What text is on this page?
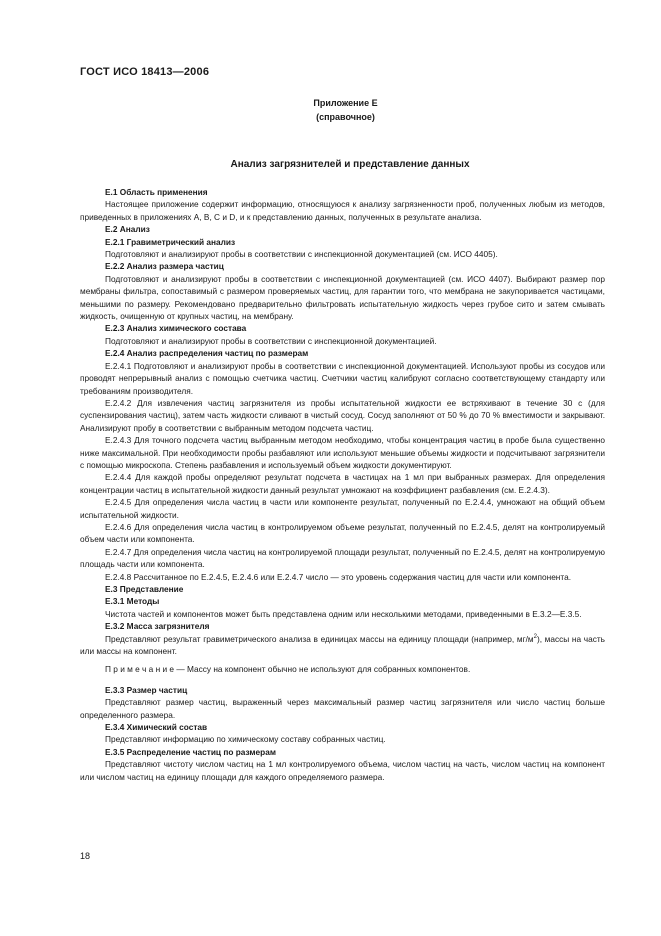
ГОСТ ИСО 18413—2006
Приложение Е
(справочное)
Анализ загрязнителей и представление данных

Е.1 Область применения

Настоящее приложение содержит информацию, относящуюся к анализу загрязненности проб, полученных любым из методов, приведенных в приложениях А, В, С и D, и к представлению данных, полученных в результате анализа.

Е.2 Анализ

Е.2.1 Гравиметрический анализ

Подготовляют и анализируют пробы в соответствии с инспекционной документацией (см. ИСО 4405).

Е.2.2 Анализ размера частиц

Подготовляют и анализируют пробы в соответствии с инспекционной документацией (см. ИСО 4407). Выбирают размер пор мембраны фильтра, сопоставимый с размером проверяемых частиц, для гарантии того, что мембрана не закупоривается частицами, меньшими по размеру. Рекомендовано предварительно фильтровать испытательную жидкость через грубое сито и затем смывать жидкость, очищенную от крупных частиц, на мембрану.

Е.2.3 Анализ химического состава

Подготовляют и анализируют пробы в соответствии с инспекционной документацией.

Е.2.4 Анализ распределения частиц по размерам

Е.2.4.1 Подготовляют и анализируют пробы в соответствии с инспекционной документацией. Используют пробы из сосудов или проводят непрерывный анализ с помощью счетчика частиц. Счетчики частиц калибруют согласно соответствующему стандарту или требованиям производителя.

Е.2.4.2 Для извлечения частиц загрязнителя из пробы испытательной жидкости ее встряхивают в течение 30 с (для суспензирования частиц), затем часть жидкости сливают в чистый сосуд. Сосуд заполняют от 50 % до 70 % вместимости и закрывают. Анализируют пробу в соответствии с выбранным методом подсчета частиц.

Е.2.4.3 Для точного подсчета частиц выбранным методом необходимо, чтобы концентрация частиц в пробе была существенно ниже максимальной. При необходимости пробы разбавляют или используют меньшие объемы жидкости и подсчитывают загрязнители с помощью микроскопа. Степень разбавления и используемый объем жидкости документируют.

Е.2.4.4 Для каждой пробы определяют результат подсчета в частицах на 1 мл при выбранных размерах. Для определения концентрации частиц в испытательной жидкости данный результат умножают на коэффициент разбавления (см. Е.2.4.3).

Е.2.4.5 Для определения числа частиц в части или компоненте результат, полученный по Е.2.4.4, умножают на общий объем испытательной жидкости.

Е.2.4.6 Для определения числа частиц в контролируемом объеме результат, полученный по Е.2.4.5, делят на контролируемый объем части или компонента.

Е.2.4.7 Для определения числа частиц на контролируемой площади результат, полученный по Е.2.4.5, делят на контролируемую площадь части или компонента.

Е.2.4.8 Рассчитанное по Е.2.4.5, Е.2.4.6 или Е.2.4.7 число — это уровень содержания частиц для части или компонента.

Е.3 Представление

Е.3.1 Методы

Чистота частей и компонентов может быть представлена одним или несколькими методами, приведенными в Е.3.2—Е.3.5.

Е.3.2 Масса загрязнителя

Представляют результат гравиметрического анализа в единицах массы на единицу площади (например, $мг/м^2$), массы на часть или массы на компонент.

П р и м е ч а н и е — Массу на компонент обычно не используют для собранных компонентов.

Е.3.3 Размер частиц

Представляют размер частиц, выраженный через максимальный размер частиц загрязнителя или число частиц больше определенного размера.

Е.3.4 Химический состав

Представляют информацию по химическому составу собранных частиц.

Е.3.5 Распределение частиц по размерам

Представляют чистоту числом частиц на 1 мл контролируемого объема, числом частиц на часть, числом частиц на компонент или числом частиц на единицу площади для каждого определяемого размера.

18
